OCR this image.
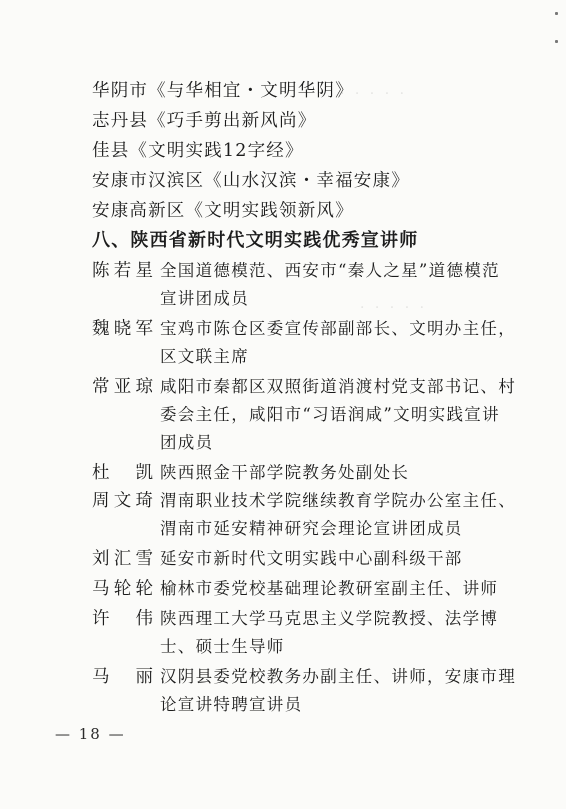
· · · · ·
· · · · ·
华阴市《与华相宜・文明华阴》
志丹县《巧手剪出新风尚》
佳县《文明实践12字经》
安康市汉滨区《山水汉滨・幸福安康》
安康高新区《文明实践领新风》
八、陕西省新时代文明实践优秀宣讲师
陈若星 全国道德模范、西安市“秦人之星”道德模范
宣讲团成员
魏晓军 宝鸡市陈仓区委宣传部副部长、文明办主任，
区文联主席
常亚琼 咸阳市秦都区双照街道消渡村党支部书记、村
委会主任，咸阳市“习语润咸”文明实践宣讲
团成员
杜凯 陕西照金干部学院教务处副处长
周文琦 渭南职业技术学院继续教育学院办公室主任、
渭南市延安精神研究会理论宣讲团成员
刘汇雪 延安市新时代文明实践中心副科级干部
马轮轮 榆林市委党校基础理论教研室副主任、讲师
许伟 陕西理工大学马克思主义学院教授、法学博
士、硕士生导师
马丽 汉阴县委党校教务办副主任、讲师，安康市理
论宣讲特聘宣讲员
— 18 —
